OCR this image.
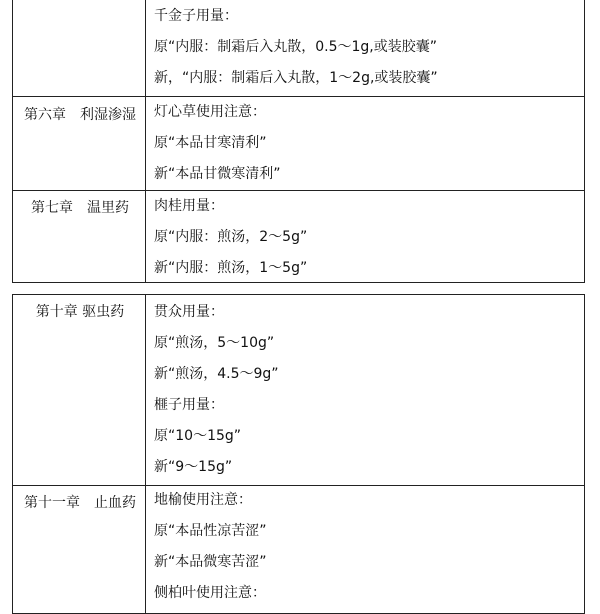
千金子用量：
原“内服：制霜后入丸散，0.5～1g,或装胶囊”
新，“内服：制霜后入丸散，1～2g,或装胶囊”
第六章　利湿渗湿	灯心草使用注意：
原“本品甘寒清利”
新“本品甘微寒清利”
第七章　温里药	肉桂用量：
原“内服：煎汤，2～5g”
新“内服：煎汤，1～5g”
第十章 驱虫药	贯众用量：
原“煎汤，5～10g”
新“煎汤，4.5～9g”
榧子用量：
原“10～15g”
新“9～15g”
第十一章　止血药	地榆使用注意：
原“本品性凉苦涩”
新“本品微寒苦涩”
侧柏叶使用注意：
